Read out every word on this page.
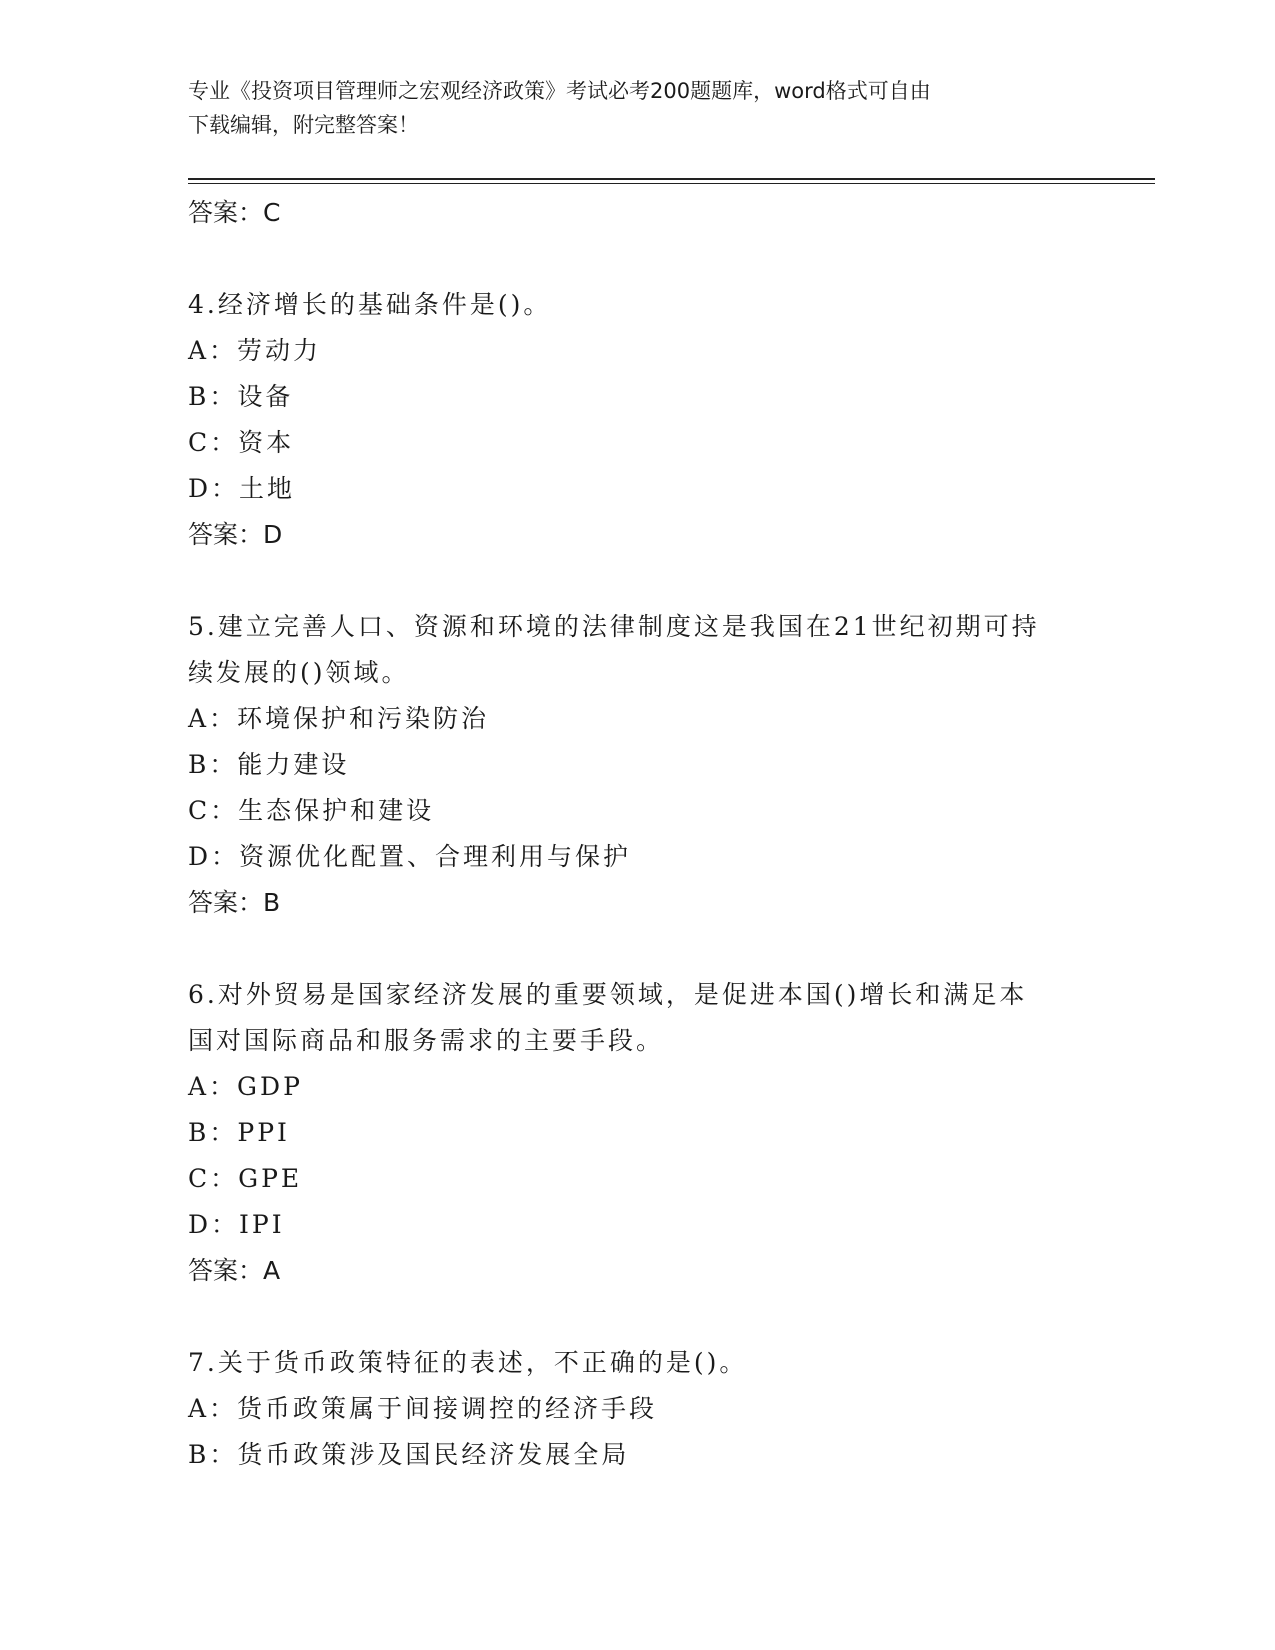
专业《投资项目管理师之宏观经济政策》考试必考200题题库，word格式可自由
下载编辑，附完整答案！

答案：C

4.经济增长的基础条件是()。

A：劳动力

B：设备

C：资本

D：土地

答案：D

5.建立完善人口、资源和环境的法律制度这是我国在21世纪初期可持

续发展的()领域。

A：环境保护和污染防治

B：能力建设

C：生态保护和建设

D：资源优化配置、合理利用与保护

答案：B

6.对外贸易是国家经济发展的重要领域，是促进本国()增长和满足本

国对国际商品和服务需求的主要手段。

A：GDP

B：PPI

C：GPE

D：IPI

答案：A

7.关于货币政策特征的表述，不正确的是()。

A：货币政策属于间接调控的经济手段

B：货币政策涉及国民经济发展全局
